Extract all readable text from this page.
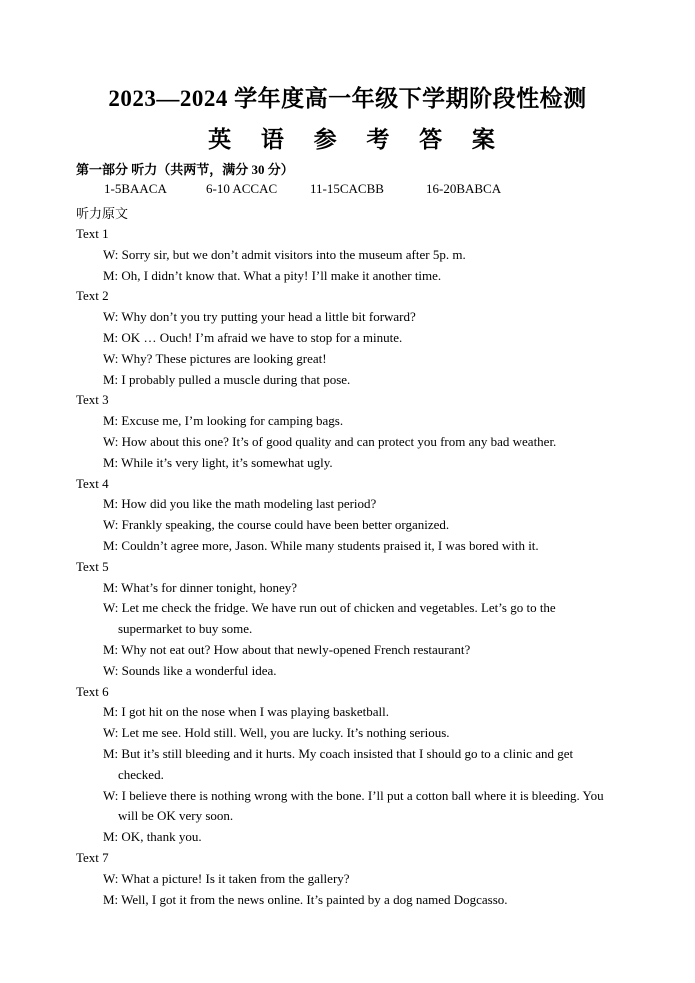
2023—2024 学年度高一年级下学期阶段性检测
英 语 参 考 答 案
第一部分 听力（共两节，满分 30 分）
1-5BAACA	6-10 ACCAC	11-15CACBB	16-20BABCA
听力原文

Text 1

W: Sorry sir, but we don’t admit visitors into the museum after 5p. m.

M: Oh, I didn’t know that. What a pity! I’ll make it another time.

Text 2

W: Why don’t you try putting your head a little bit forward?

M: OK … Ouch! I’m afraid we have to stop for a minute.

W: Why? These pictures are looking great!

M: I probably pulled a muscle during that pose.

Text 3

M: Excuse me, I’m looking for camping bags.

W: How about this one? It’s of good quality and can protect you from any bad weather.

M: While it’s very light, it’s somewhat ugly.

Text 4

M: How did you like the math modeling last period?

W: Frankly speaking, the course could have been better organized.

M: Couldn’t agree more, Jason. While many students praised it, I was bored with it.

Text 5

M: What’s for dinner tonight, honey?

W: Let me check the fridge. We have run out of chicken and vegetables. Let’s go to the supermarket to buy some.

M: Why not eat out? How about that newly-opened French restaurant?

W: Sounds like a wonderful idea.

Text 6

M: I got hit on the nose when I was playing basketball.

W: Let me see. Hold still. Well, you are lucky. It’s nothing serious.

M: But it’s still bleeding and it hurts. My coach insisted that I should go to a clinic and get checked.

W: I believe there is nothing wrong with the bone. I’ll put a cotton ball where it is bleeding. You will be OK very soon.

M: OK, thank you.

Text 7

W: What a picture! Is it taken from the gallery?

M: Well, I got it from the news online. It’s painted by a dog named Dogcasso.
